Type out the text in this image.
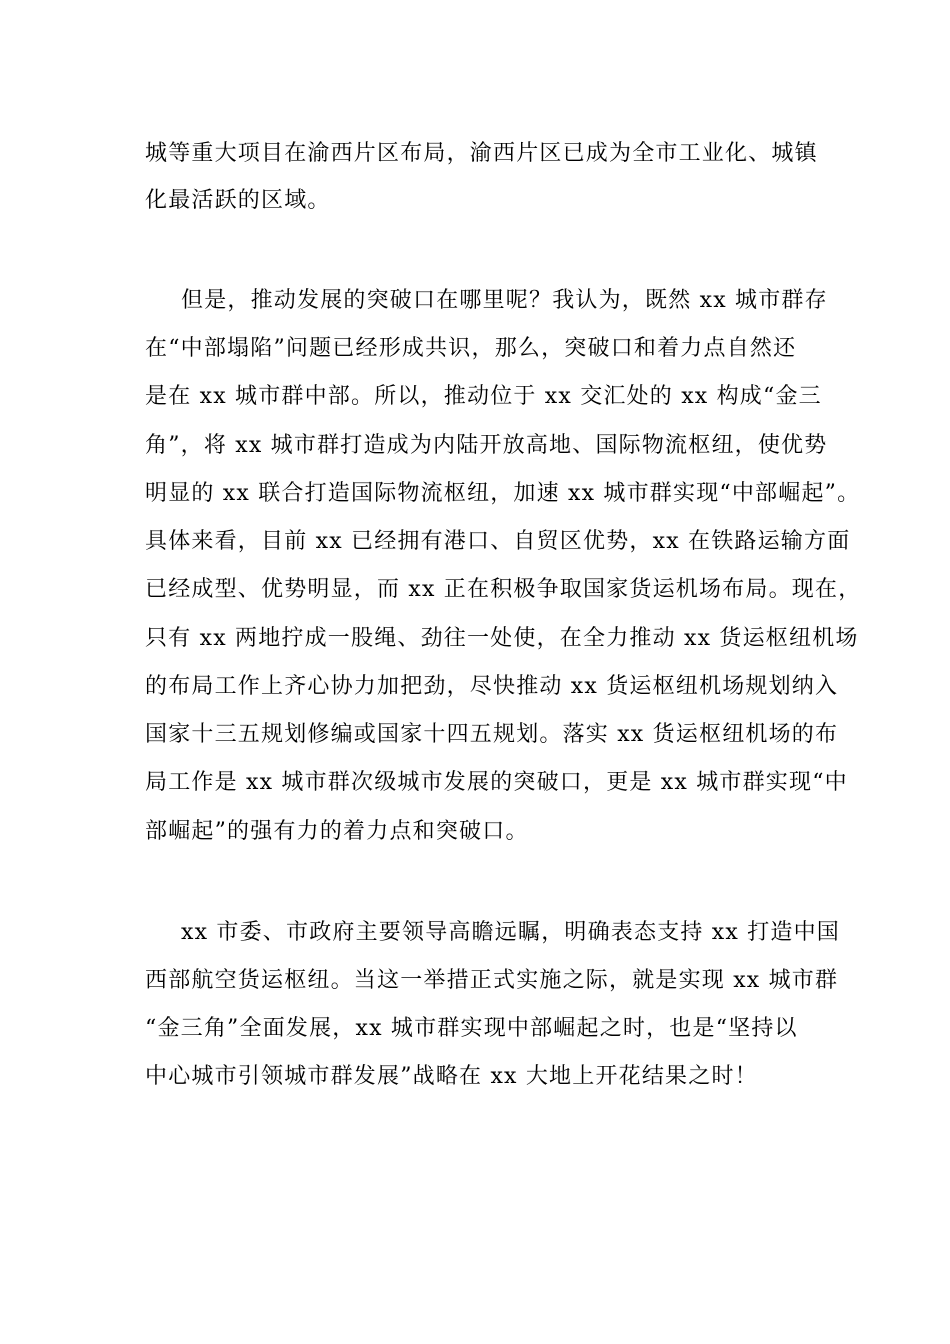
城等重大项目在渝西片区布局，渝西片区已成为全市工业化、城镇
化最活跃的区域。
但是，推动发展的突破口在哪里呢？我认为，既然 xx 城市群存
在“中部塌陷”问题已经形成共识，那么，突破口和着力点自然还
是在 xx 城市群中部。所以，推动位于 xx 交汇处的 xx 构成“金三
角”，将 xx 城市群打造成为内陆开放高地、国际物流枢纽，使优势
明显的 xx 联合打造国际物流枢纽，加速 xx 城市群实现“中部崛起”。
具体来看，目前 xx 已经拥有港口、自贸区优势，xx 在铁路运输方面
已经成型、优势明显，而 xx 正在积极争取国家货运机场布局。现在，
只有 xx 两地拧成一股绳、劲往一处使，在全力推动 xx 货运枢纽机场
的布局工作上齐心协力加把劲，尽快推动 xx 货运枢纽机场规划纳入
国家十三五规划修编或国家十四五规划。落实 xx 货运枢纽机场的布
局工作是 xx 城市群次级城市发展的突破口，更是 xx 城市群实现“中
部崛起”的强有力的着力点和突破口。
xx 市委、市政府主要领导高瞻远瞩，明确表态支持 xx 打造中国
西部航空货运枢纽。当这一举措正式实施之际，就是实现 xx 城市群
“金三角”全面发展，xx 城市群实现中部崛起之时，也是“坚持以
中心城市引领城市群发展”战略在 xx 大地上开花结果之时！
